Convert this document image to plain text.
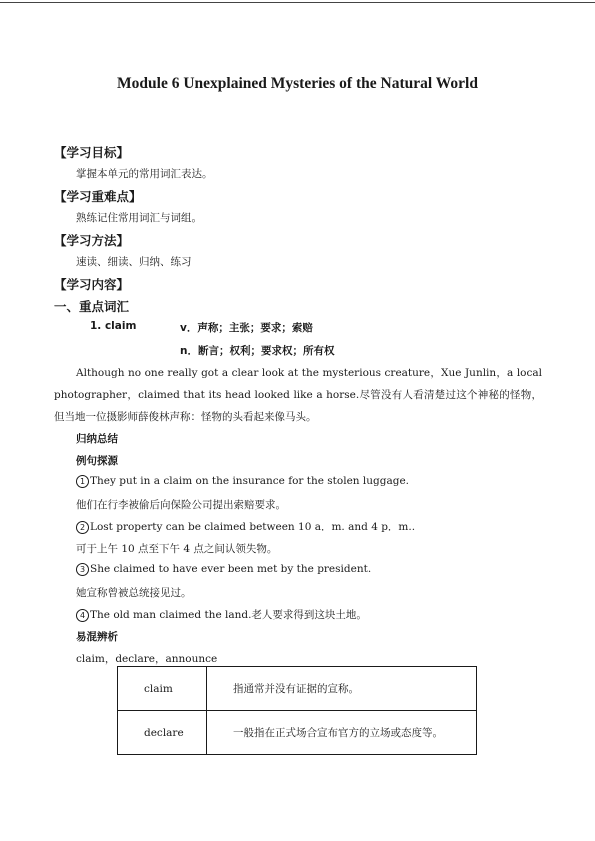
Module 6 Unexplained Mysteries of the Natural World
【学习目标】
掌握本单元的常用词汇表达。
【学习重难点】
熟练记住常用词汇与词组。
【学习方法】
速读、细读、归纳、练习
【学习内容】
一、重点词汇
1. claim	v．声称；主张；要求；索赔
n．断言；权利；要求权；所有权
Although no one really got a clear look at the mysterious creature，Xue Junlin，a local
photographer，claimed that its head looked like a horse.尽管没有人看清楚过这个神秘的怪物，
但当地一位摄影师薛俊林声称：怪物的头看起来像马头。
归纳总结
例句探源
1 They put in a claim on the insurance for the stolen luggage.
他们在行李被偷后向保险公司提出索赔要求。
2 Lost property can be claimed between 10 a．m. and 4 p．m..
可于上午 10 点至下午 4 点之间认领失物。
3 She claimed to have ever been met by the president.
她宣称曾被总统接见过。
4 The old man claimed the land.老人要求得到这块土地。
易混辨析
claim，declare，announce
claim	指通常并没有证据的宣称。
declare	一般指在正式场合宣布官方的立场或态度等。
